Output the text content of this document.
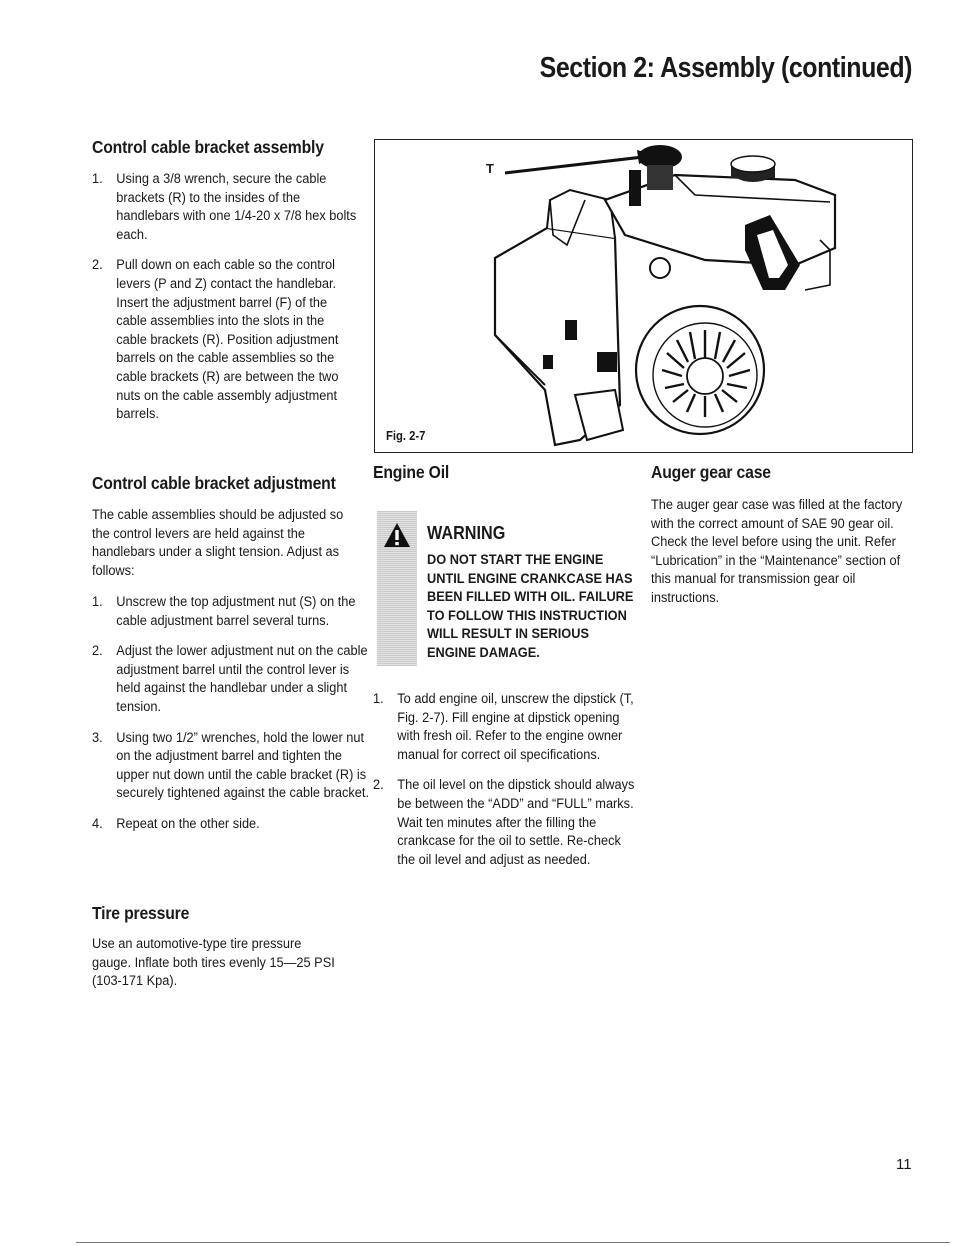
Section 2: Assembly (continued)
Control cable bracket assembly
1. Using a 3/8 wrench, secure the cable brackets (R) to the insides of the handlebars with one 1/4-20 x 7/8 hex bolts each.
2. Pull down on each cable so the control levers (P and Z) contact the handlebar. Insert the adjustment barrel (F) of the cable assemblies into the slots in the cable brackets (R). Position adjustment barrels on the cable assemblies so the cable brackets (R) are between the two nuts on the cable assembly adjustment barrels.
Control cable bracket adjustment
The cable assemblies should be adjusted so the control levers are held against the handlebars under a slight tension. Adjust as follows:
1. Unscrew the top adjustment nut (S) on the cable adjustment barrel several turns.
2. Adjust the lower adjustment nut on the cable adjustment barrel until the control lever is held against the handlebar under a slight tension.
3. Using two 1/2” wrenches, hold the lower nut on the adjustment barrel and tighten the upper nut down until the cable bracket (R) is securely tightened against the cable bracket.
4. Repeat on the other side.
Tire pressure
Use an automotive-type tire pressure gauge. Inflate both tires evenly 15—25 PSI (103-171 Kpa).
T
Fig. 2-7
Engine Oil
WARNING
DO NOT START THE ENGINE UNTIL ENGINE CRANKCASE HAS BEEN FILLED WITH OIL. FAILURE TO FOLLOW THIS INSTRUCTION WILL RESULT IN SERIOUS ENGINE DAMAGE.
1. To add engine oil, unscrew the dipstick (T, Fig. 2-7). Fill engine at dipstick opening with fresh oil. Refer to the engine owner manual for correct oil specifications.
2. The oil level on the dipstick should always be between the “ADD” and “FULL” marks. Wait ten minutes after the filling the crankcase for the oil to settle. Re-check the oil level and adjust as needed.
Auger gear case
The auger gear case was filled at the factory with the correct amount of SAE 90 gear oil. Check the level before using the unit. Refer “Lubrication” in the “Maintenance” section of this manual for transmission gear oil instructions.
11
